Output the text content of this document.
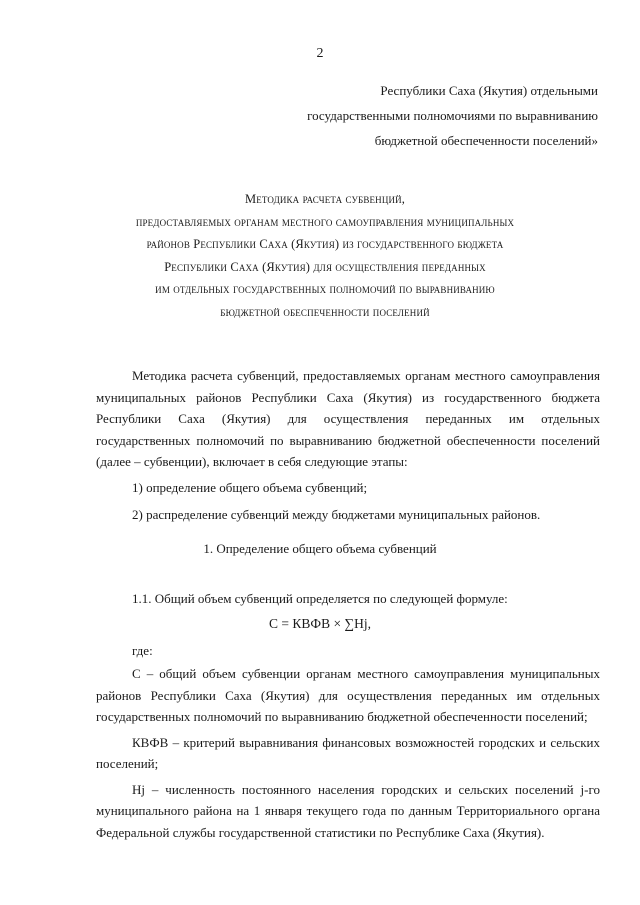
2
Республики Саха (Якутия) отдельными
государственными полномочиями по выравниванию
бюджетной обеспеченности поселений»
Методика расчета субвенций,
предоставляемых органам местного самоуправления муниципальных
районов Республики Саха (Якутия) из государственного бюджета
Республики Саха (Якутия) для осуществления переданных
им отдельных государственных полномочий по выравниванию
бюджетной обеспеченности поселений

Методика расчета субвенций, предоставляемых органам местного самоуправления муниципальных районов Республики Саха (Якутия) из государственного бюджета Республики Саха (Якутия) для осуществления переданных им отдельных государственных полномочий по выравниванию бюджетной обеспеченности поселений (далее – субвенции), включает в себя следующие этапы:

1) определение общего объема субвенций;

2) распределение субвенций между бюджетами муниципальных районов.

1. Определение общего объема субвенций

1.1. Общий объем субвенций определяется по следующей формуле:

С = КВФВ × ∑Hj,
где:

С – общий объем субвенции органам местного самоуправления муниципальных районов Республики Саха (Якутия) для осуществления переданных им отдельных государственных полномочий по выравниванию бюджетной обеспеченности поселений;

КВФВ – критерий выравнивания финансовых возможностей городских и сельских поселений;

Hj – численность постоянного населения городских и сельских поселений j-го муниципального района на 1 января текущего года по данным Территориального органа Федеральной службы государственной статистики по Республике Саха (Якутия).
